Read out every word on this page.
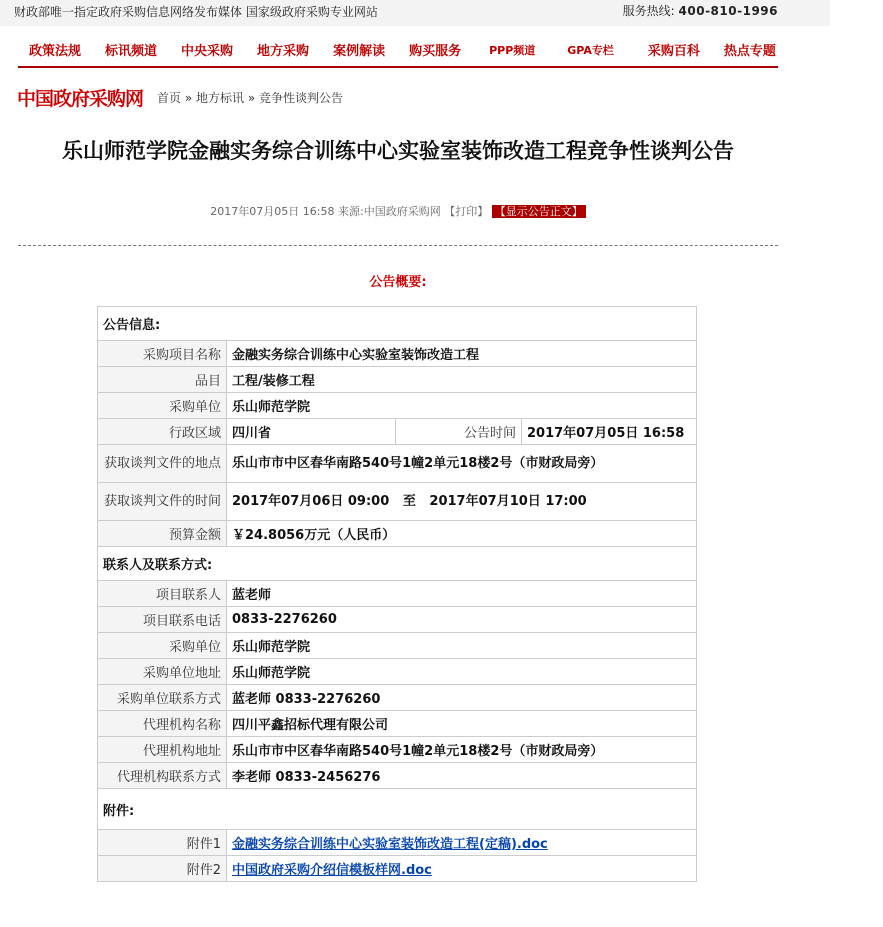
财政部唯一指定政府采购信息网络发布媒体 国家级政府采购专业网站	服务热线: 400-810-1996
政策法规 标讯频道 中央采购 地方采购 案例解读 购买服务	PPP频道	GPA专栏	采购百科 热点专题
中国政府采购网 首页 » 地方标讯 » 竞争性谈判公告
乐山师范学院金融实务综合训练中心实验室装饰改造工程竞争性谈判公告
2017年07月05日 16:58 来源:中国政府采购网 【打印】 【显示公告正文】
公告概要:
公告信息:			
采购项目名称	金融实务综合训练中心实验室装饰改造工程		
品目	工程/装修工程		
采购单位	乐山师范学院		
行政区域	四川省	公告时间	2017年07月05日 16:58
获取谈判文件的地点	乐山市市中区春华南路540号1幢2单元18楼2号（市财政局旁）		
获取谈判文件的时间	2017年07月06日 09:00   至   2017年07月10日 17:00		
预算金额	￥24.8056万元（人民币）		
联系人及联系方式:			
项目联系人	蓝老师		
项目联系电话	0833-2276260		
采购单位	乐山师范学院		
采购单位地址	乐山师范学院		
采购单位联系方式	蓝老师 0833-2276260		
代理机构名称	四川平鑫招标代理有限公司		
代理机构地址	乐山市市中区春华南路540号1幢2单元18楼2号（市财政局旁）		
代理机构联系方式	李老师 0833-2456276		
附件:			
附件1	金融实务综合训练中心实验室装饰改造工程(定稿).doc		
附件2	中国政府采购介绍信模板样网.doc		
